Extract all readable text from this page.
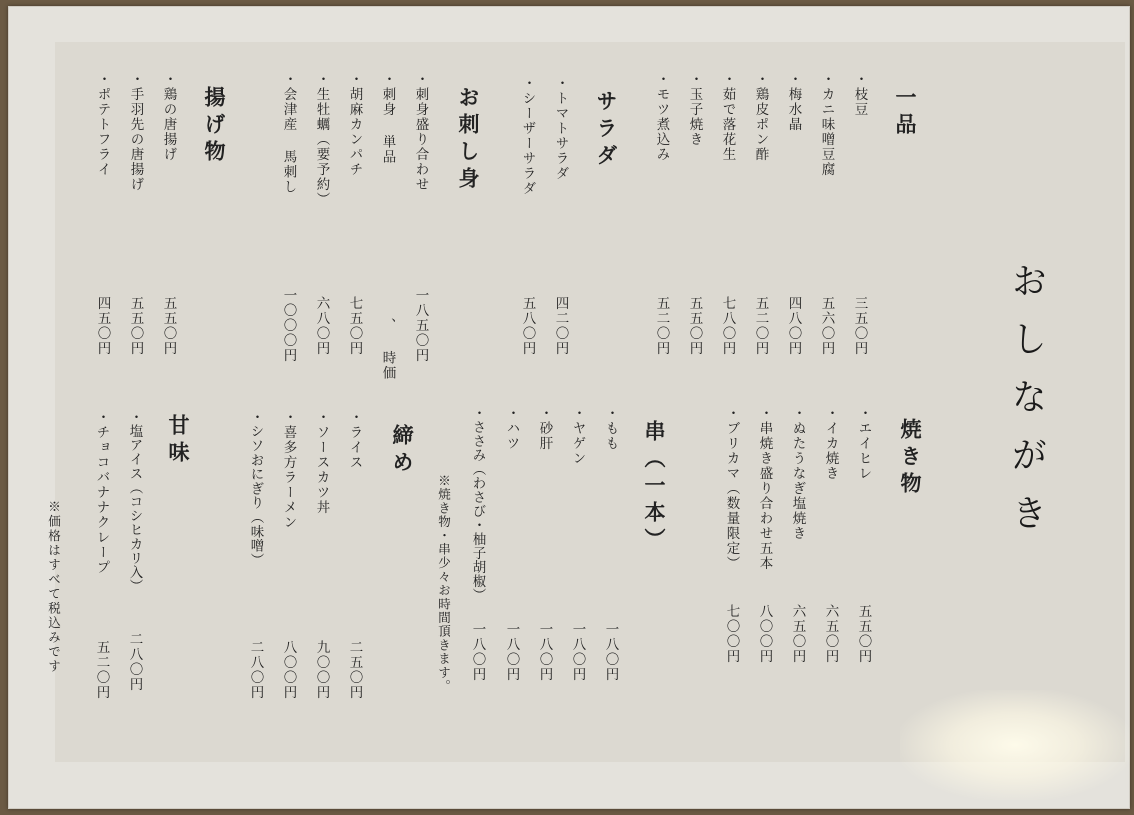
おしながき
一品
・枝豆
三五〇円
・カニ味噌豆腐
五六〇円
・梅水晶
四八〇円
・鶏皮ポン酢
五二〇円
・茹で落花生
七八〇円
・玉子焼き
五五〇円
・モツ煮込み
五二〇円
サラダ
・トマトサラダ
四二〇円
・シーザーサラダ
五八〇円
お刺し身
・刺身盛り合わせ
一八五〇円
・刺身 単品
、 時価
・胡麻カンパチ
七五〇円
・生牡蠣（要予約）
六八〇円
・会津産 馬刺し
一〇〇〇円
揚げ物
・鶏の唐揚げ
五五〇円
・手羽先の唐揚げ
五五〇円
・ポテトフライ
四五〇円
焼き物
・エイヒレ
五五〇円
・イカ焼き
六五〇円
・ぬたうなぎ塩焼き
六五〇円
・串焼き盛り合わせ五本
八〇〇円
・ブリカマ（数量限定）
七〇〇円
串（一本）
・もも
一八〇円
・ヤゲン
一八〇円
・砂肝
一八〇円
・ハツ
一八〇円
・ささみ（わさび・柚子胡椒）
一八〇円
※焼き物・串少々お時間頂きます。
締め
・ライス
二五〇円
・ソースカツ丼
九〇〇円
・喜多方ラーメン
八〇〇円
・シソおにぎり（味噌）
二八〇円
甘味
・塩アイス（コシヒカリ入）
二八〇円
・チョコバナナクレープ
五二〇円
※価格はすべて税込みです
